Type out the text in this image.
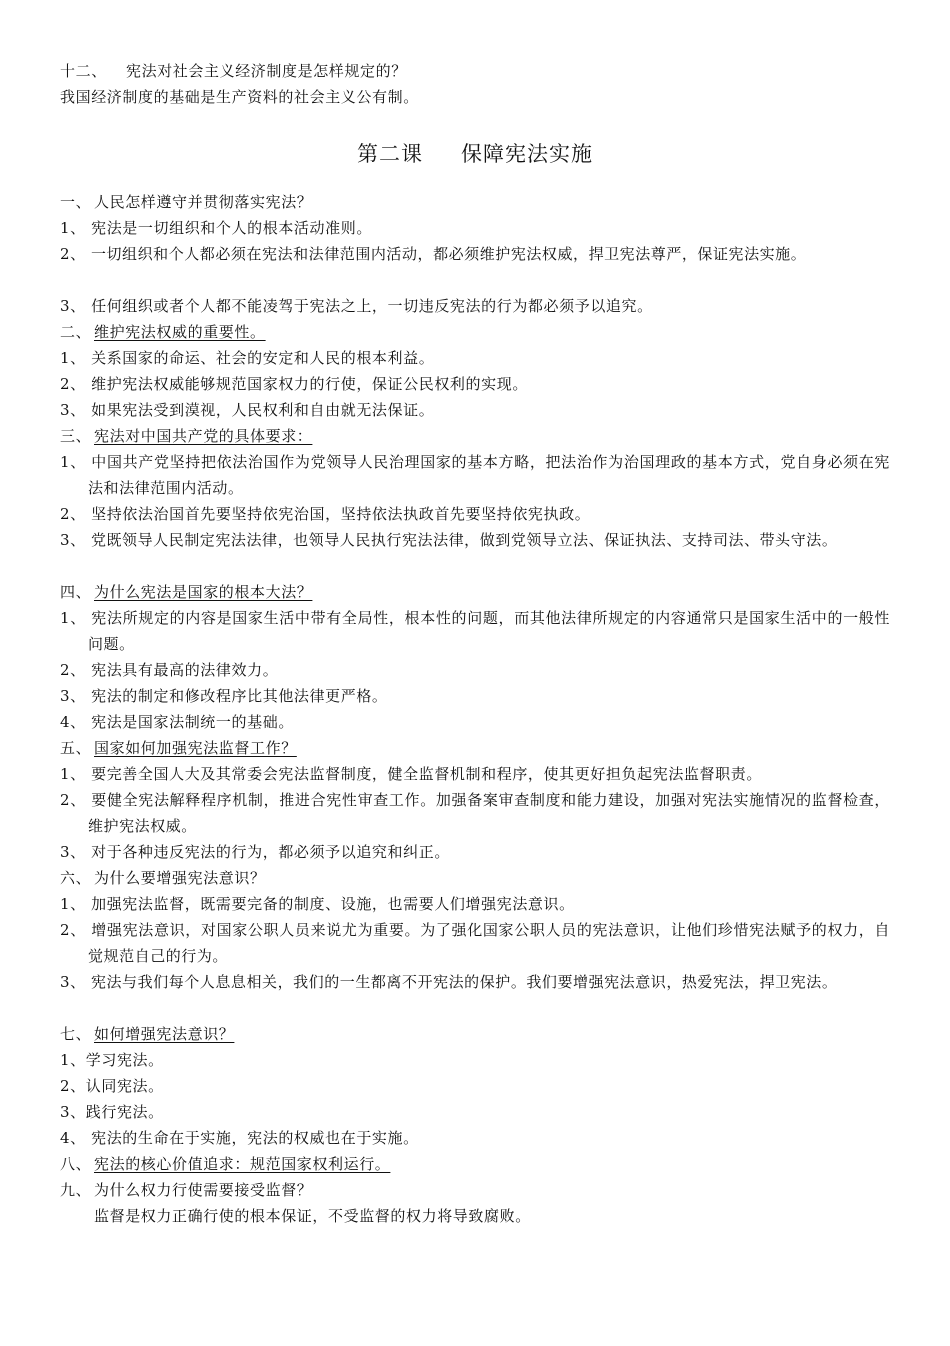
十二、 宪法对社会主义经济制度是怎样规定的？
我国经济制度的基础是生产资料的社会主义公有制。
第二课 保障宪法实施
一、 人民怎样遵守并贯彻落实宪法？
1、 宪法是一切组织和个人的根本活动准则。
2、 一切组织和个人都必须在宪法和法律范围内活动，都必须维护宪法权威，捍卫宪法尊严，保证宪法实施。
3、 任何组织或者个人都不能凌驾于宪法之上，一切违反宪法的行为都必须予以追究。
二、 维护宪法权威的重要性。
1、 关系国家的命运、社会的安定和人民的根本利益。
2、 维护宪法权威能够规范国家权力的行使，保证公民权利的实现。
3、 如果宪法受到漠视，人民权利和自由就无法保证。
三、 宪法对中国共产党的具体要求：
1、 中国共产党坚持把依法治国作为党领导人民治理国家的基本方略，把法治作为治国理政的基本方式，党自身必须在宪法和法律范围内活动。
2、 坚持依法治国首先要坚持依宪治国，坚持依法执政首先要坚持依宪执政。
3、 党既领导人民制定宪法法律，也领导人民执行宪法法律，做到党领导立法、保证执法、支持司法、带头守法。
四、 为什么宪法是国家的根本大法？
1、 宪法所规定的内容是国家生活中带有全局性，根本性的问题，而其他法律所规定的内容通常只是国家生活中的一般性问题。
2、 宪法具有最高的法律效力。
3、 宪法的制定和修改程序比其他法律更严格。
4、 宪法是国家法制统一的基础。
五、 国家如何加强宪法监督工作？
1、 要完善全国人大及其常委会宪法监督制度，健全监督机制和程序，使其更好担负起宪法监督职责。
2、 要健全宪法解释程序机制，推进合宪性审查工作。加强备案审查制度和能力建设，加强对宪法实施情况的监督检查，维护宪法权威。
3、 对于各种违反宪法的行为，都必须予以追究和纠正。
六、 为什么要增强宪法意识？
1、 加强宪法监督，既需要完备的制度、设施，也需要人们增强宪法意识。
2、 增强宪法意识，对国家公职人员来说尤为重要。为了强化国家公职人员的宪法意识，让他们珍惜宪法赋予的权力，自觉规范自己的行为。
3、 宪法与我们每个人息息相关，我们的一生都离不开宪法的保护。我们要增强宪法意识，热爱宪法，捍卫宪法。
七、 如何增强宪法意识？
1、学习宪法。
2、认同宪法。
3、践行宪法。
4、 宪法的生命在于实施，宪法的权威也在于实施。
八、 宪法的核心价值追求：规范国家权利运行。
九、 为什么权力行使需要接受监督？
监督是权力正确行使的根本保证，不受监督的权力将导致腐败。
